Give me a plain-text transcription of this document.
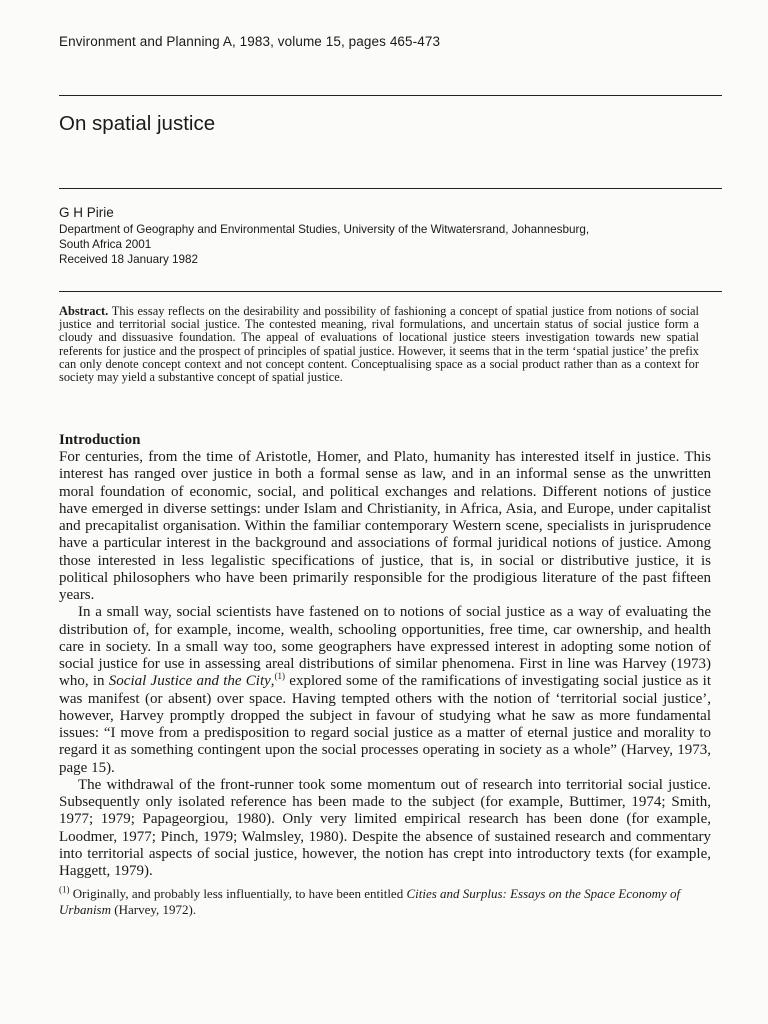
Environment and Planning A, 1983, volume 15, pages 465-473
On spatial justice

G H Pirie

Department of Geography and Environmental Studies, University of the Witwatersrand, Johannesburg,
South Africa 2001
Received 18 January 1982

Abstract. This essay reflects on the desirability and possibility of fashioning a concept of spatial justice from notions of social justice and territorial social justice. The contested meaning, rival formulations, and uncertain status of social justice form a cloudy and dissuasive foundation. The appeal of evaluations of locational justice steers investigation towards new spatial referents for justice and the prospect of principles of spatial justice. However, it seems that in the term ‘spatial justice’ the prefix can only denote concept context and not concept content. Conceptualising space as a social product rather than as a context for society may yield a substantive concept of spatial justice.

Introduction

For centuries, from the time of Aristotle, Homer, and Plato, humanity has interested itself in justice. This interest has ranged over justice in both a formal sense as law, and in an informal sense as the unwritten moral foundation of economic, social, and political exchanges and relations. Different notions of justice have emerged in diverse settings: under Islam and Christianity, in Africa, Asia, and Europe, under capitalist and precapitalist organisation. Within the familiar contemporary Western scene, specialists in jurisprudence have a particular interest in the background and associations of formal juridical notions of justice. Among those interested in less legalistic specifications of justice, that is, in social or distributive justice, it is political philosophers who have been primarily responsible for the prodigious literature of the past fifteen years.

In a small way, social scientists have fastened on to notions of social justice as a way of evaluating the distribution of, for example, income, wealth, schooling opportunities, free time, car ownership, and health care in society. In a small way too, some geographers have expressed interest in adopting some notion of social justice for use in assessing areal distributions of similar phenomena. First in line was Harvey (1973) who, in Social Justice and the City,$^{(1)}$ explored some of the ramifications of investigating social justice as it was manifest (or absent) over space. Having tempted others with the notion of ‘territorial social justice’, however, Harvey promptly dropped the subject in favour of studying what he saw as more fundamental issues: “I move from a predisposition to regard social justice as a matter of eternal justice and morality to regard it as something contingent upon the social processes operating in society as a whole” (Harvey, 1973, page 15).

The withdrawal of the front-runner took some momentum out of research into territorial social justice. Subsequently only isolated reference has been made to the subject (for example, Buttimer, 1974; Smith, 1977; 1979; Papageorgiou, 1980). Only very limited empirical research has been done (for example, Loodmer, 1977; Pinch, 1979; Walmsley, 1980). Despite the absence of sustained research and commentary into territorial aspects of social justice, however, the notion has crept into introductory texts (for example, Haggett, 1979).

$^{(1)}$ Originally, and probably less influentially, to have been entitled Cities and Surplus: Essays on the Space Economy of Urbanism (Harvey, 1972).
